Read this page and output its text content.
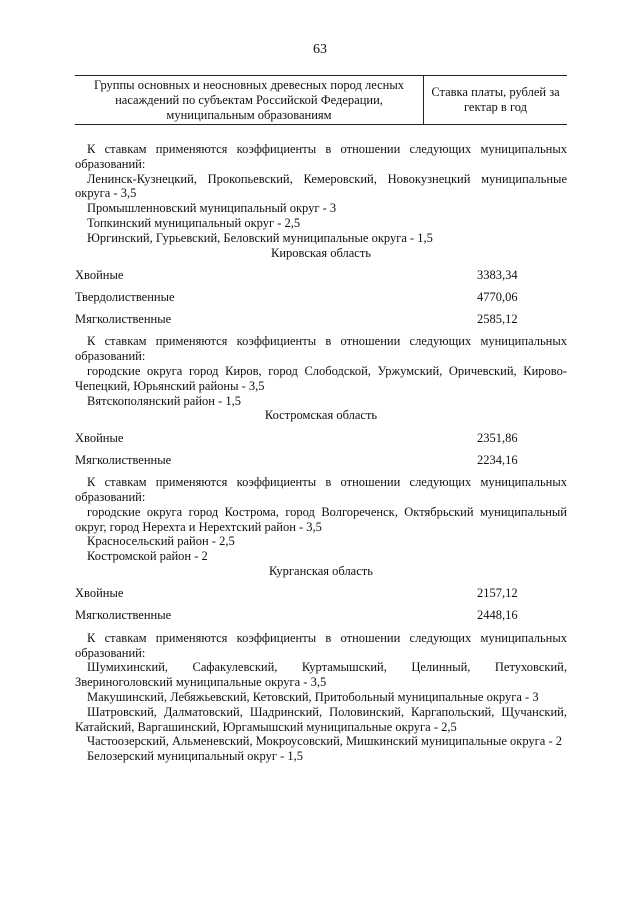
63
Группы основных и неосновных древесных пород лесных насаждений по субъектам Российской Федерации, муниципальным образованиям
Ставка платы, рублей за гектар в год

К ставкам применяются коэффициенты в отношении следующих муниципальных образований:

Ленинск-Кузнецкий, Прокопьевский, Кемеровский, Новокузнецкий муниципальные округа - 3,5

Промышленновский муниципальный округ - 3

Топкинский муниципальный округ - 2,5

Юргинский, Гурьевский, Беловский муниципальные округа - 1,5

Кировская область

Хвойные	3383,34
Твердолиственные	4770,06
Мягколиственные	2585,12

К ставкам применяются коэффициенты в отношении следующих муниципальных образований:

городские округа город Киров, город Слободской, Уржумский, Оричевский, Кирово-Чепецкий, Юрьянский районы - 3,5

Вятскополянский район - 1,5

Костромская область

Хвойные	2351,86
Мягколиственные	2234,16

К ставкам применяются коэффициенты в отношении следующих муниципальных образований:

городские округа город Кострома, город Волгореченск, Октябрьский муниципальный округ, город Нерехта и Нерехтский район - 3,5

Красносельский район - 2,5

Костромской район - 2

Курганская область

Хвойные	2157,12
Мягколиственные	2448,16

К ставкам применяются коэффициенты в отношении следующих муниципальных образований:

Шумихинский, Сафакулевский, Куртамышский, Целинный, Петуховский, Звериноголовский муниципальные округа - 3,5

Макушинский, Лебяжьевский, Кетовский, Притобольный муниципальные округа - 3

Шатровский, Далматовский, Шадринский, Половинский, Каргапольский, Щучанский, Катайский, Варгашинский, Юргамышский муниципальные округа - 2,5

Частоозерский, Альменевский, Мокроусовский, Мишкинский муниципальные округа - 2

Белозерский муниципальный округ - 1,5
